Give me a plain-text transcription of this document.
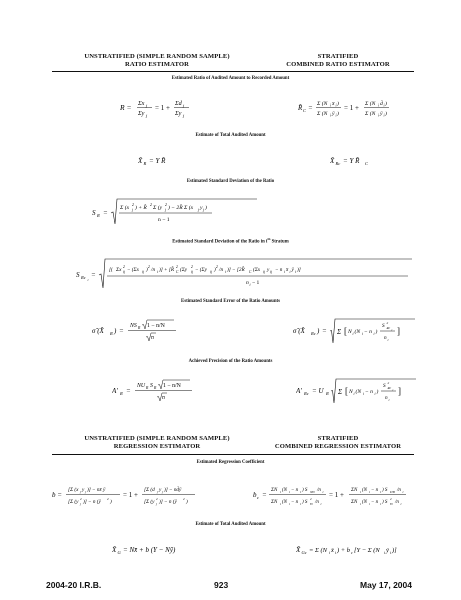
UNSTRATIFIED (SIMPLE RANDOM SAMPLE)
RATIO ESTIMATOR
STRATIFIED
COMBINED RATIO ESTIMATOR
Estimated Ratio of Audited Amount to Recorded Amount
R = Σx j
Σy j
= 1 +
Σd j
Σy j
R̂ C = Σ (N i x̄ i )
Σ (N i ȳ i )
= 1 + Σ (N i d̄ i )
Σ (N i ȳ i )
Estimate of Total Audited Amount
X̂ R = Y R̂	X̂ Rc = Y R̂ C
Estimated Standard Deviation of the Ratio
S R =
Σ (x 2
j ) + R̂ 2 Σ (y 2
j ) − 2R̂ Σ (x j y j )
n − 1
Estimated Standard Deviation of the Ratio in $i^{th}$ Stratum
S Rc i
=
[( Σx 2
ij − (Σx ij ) 2 /n i )] + [R̂ 2
C (Σy 2
ij − (Σy ij ) 2 /n i )] − [2R̂ C (Σx ij y ij − n i x̄ i ȳ i )]
n i − 1
Estimated Standard Error of the Ratio Amounts
σ̂ (X̂ R ) =
NS R 1 − n/N
n
σ̂ (X̂ Rc ) = Σ [ N i (N i − n i )
S 2
Rc
i
n i
]
Achieved Precision of the Ratio Amounts
A′ R =
NU R S R 1 − n/N
n
A′ Rc = U R Σ [ N i (N i − n i )
S 2
Rc
i
n i
]
UNSTRATIFIED (SIMPLE RANDOM SAMPLE)
REGRESSION ESTIMATOR
STRATIFIED
COMBINED REGRESSION ESTIMATOR
Estimated Regression Coefficient
b =
[Σ (x j y j )] − nx̄ ȳ
[Σ (y 2
j )] − n (ȳ 2 )
= 1 +
[Σ (d j y j )] − nd̄ȳ
[Σ (y 2
j )] − n (ȳ 2 )
b c =
ΣN i (N i − n i ) S XYi /n i
ΣN i (N i − n i ) S
2
Yi /n i
= 1 +
ΣN i (N i − n i ) S DYi /n i
ΣN i (N i − n i ) S
2
Yi /n i
Estimate of Total Audited Amount
X̂ G = Nx̄ + b (Y − Nȳ)	X̂ Gc = Σ (N i x̄ i ) + b c [Y − Σ (N i ȳ i )]
2004-20 I.R.B.	923	May 17, 2004
